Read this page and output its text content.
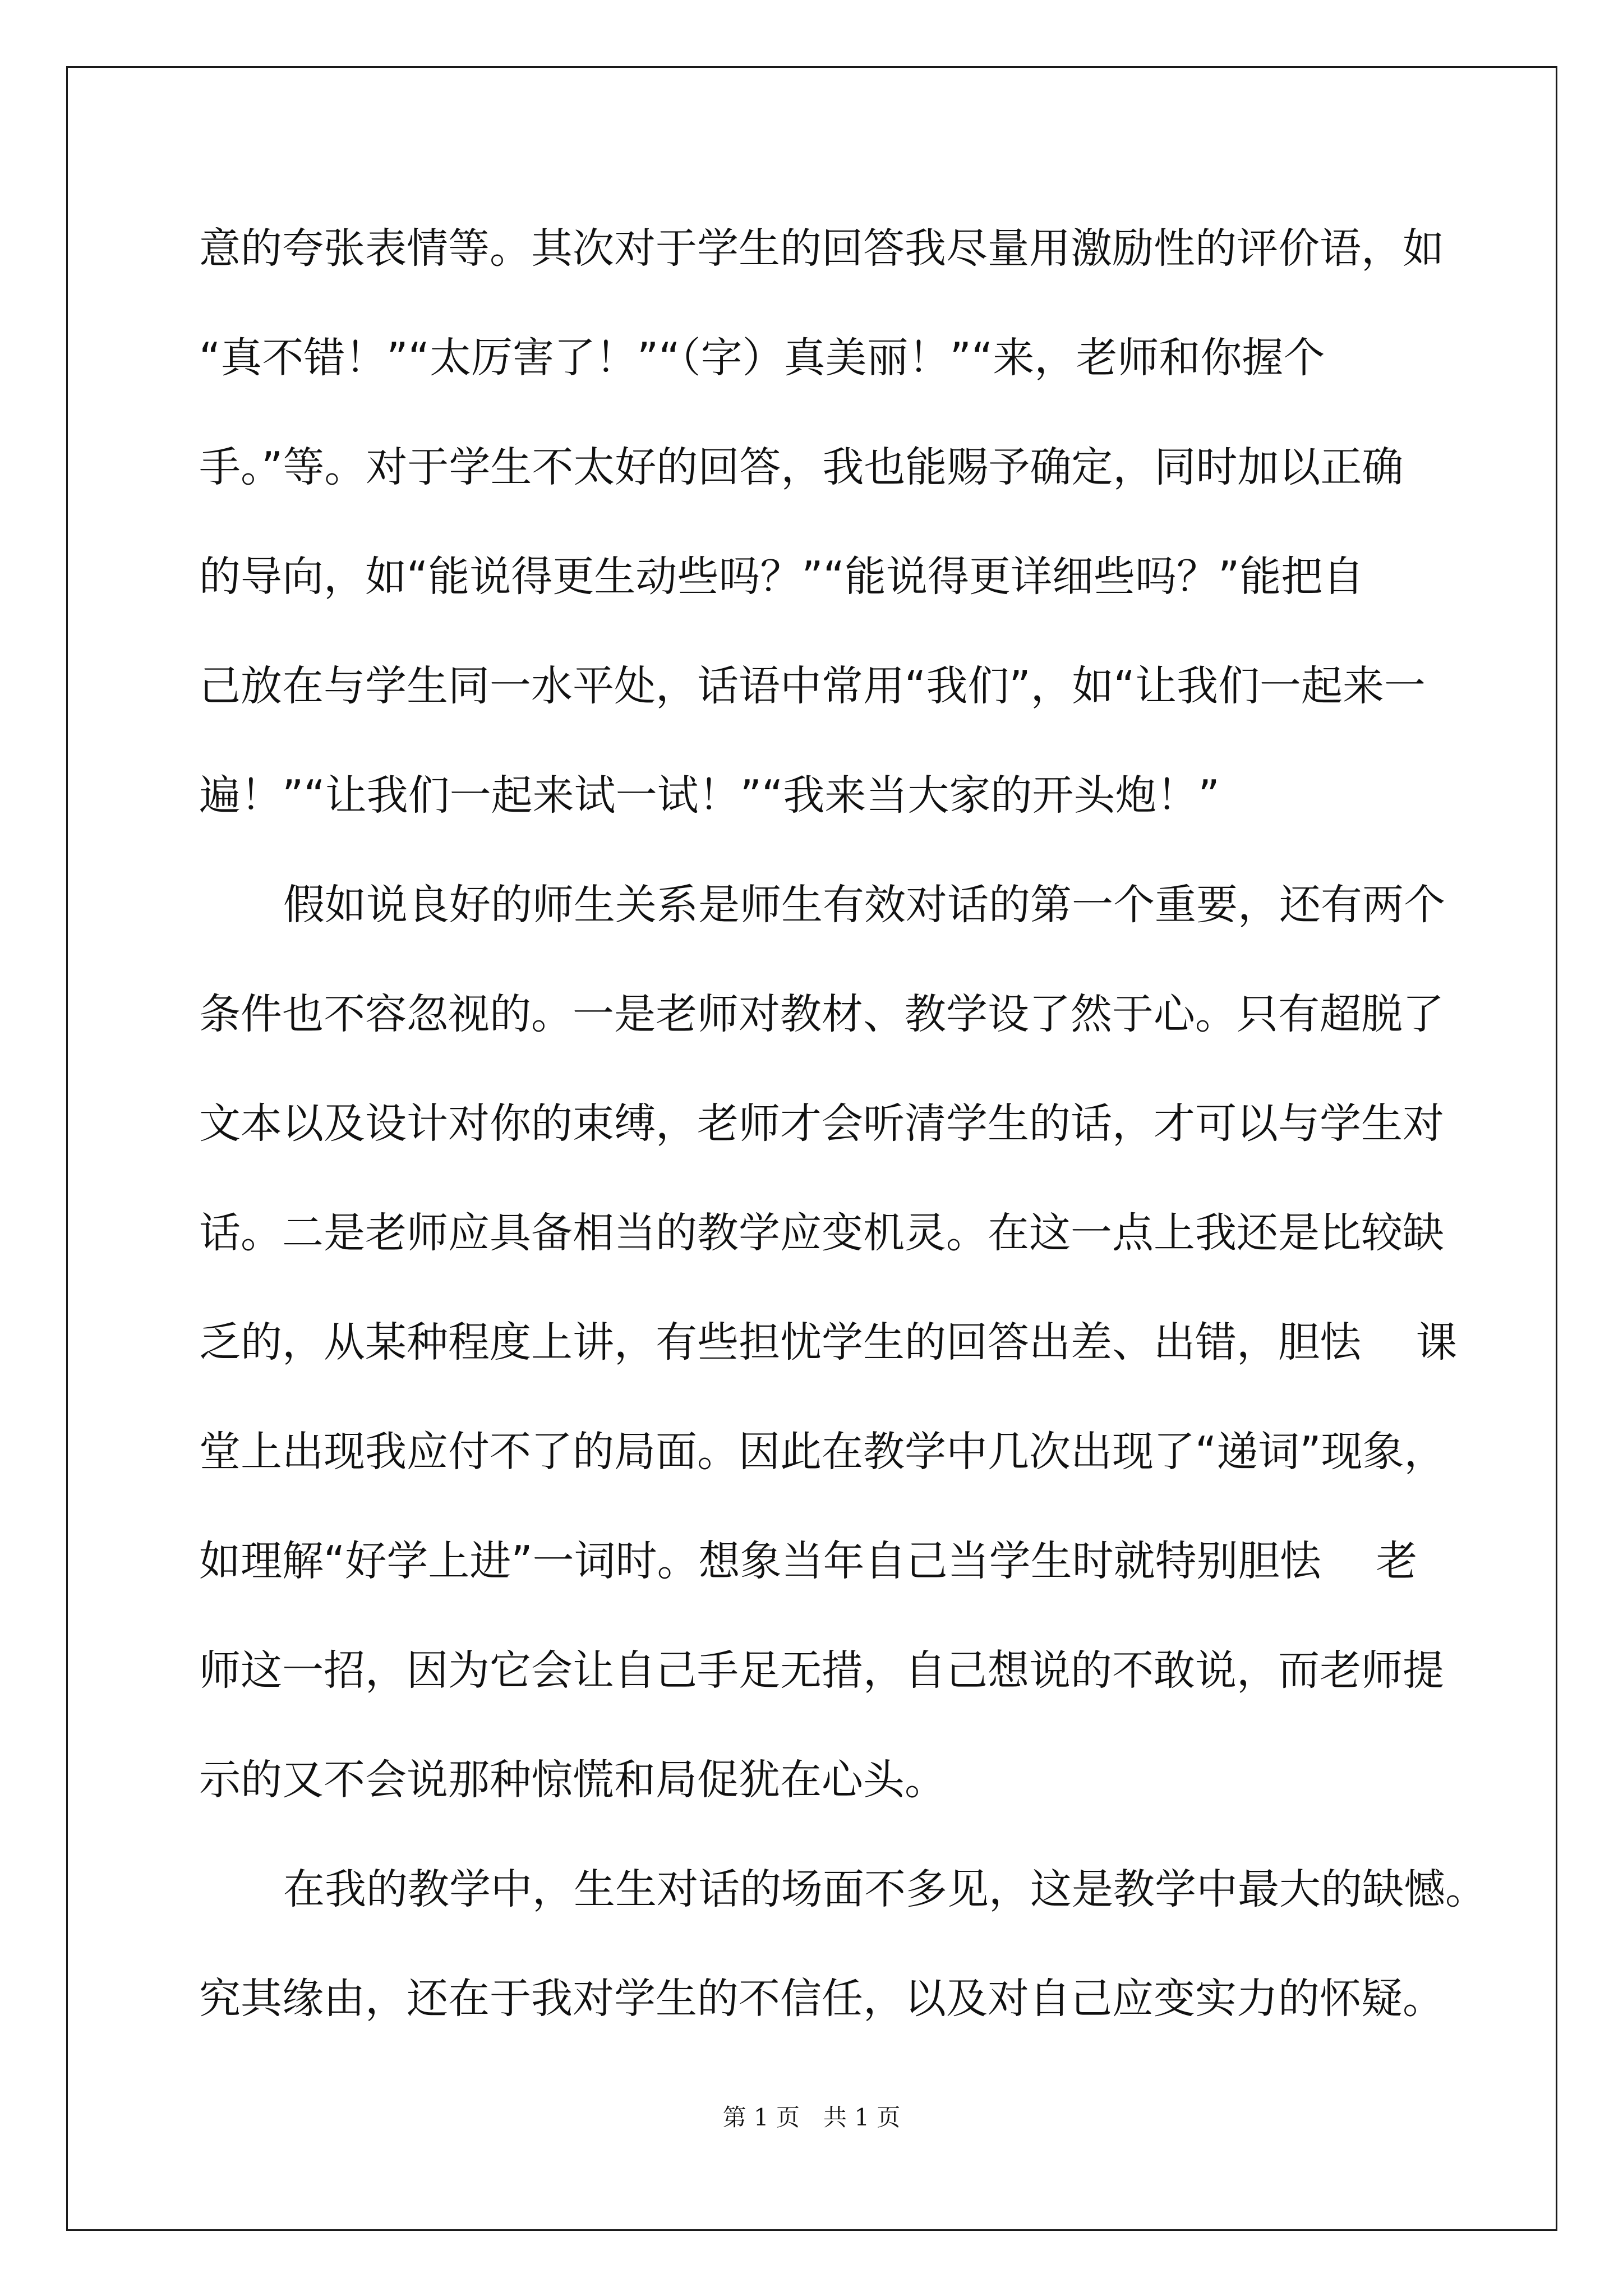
意的夸张表情等。其次对于学生的回答我尽量用激励性的评价语，如
“真不错！”“太厉害了！”“（字）真美丽！”“来，老师和你握个
手。”等。对于学生不太好的回答，我也能赐予确定，同时加以正确
的导向，如“能说得更生动些吗？”“能说得更详细些吗？”能把自
己放在与学生同一水平处，话语中常用“我们”，如“让我们一起来一
遍！”“让我们一起来试一试！”“我来当大家的开头炮！”
假如说良好的师生关系是师生有效对话的第一个重要，还有两个
条件也不容忽视的。一是老师对教材、教学设了然于心。只有超脱了
文本以及设计对你的束缚，老师才会听清学生的话，才可以与学生对
话。二是老师应具备相当的教学应变机灵。在这一点上我还是比较缺
乏的，从某种程度上讲，有些担忧学生的回答出差、出错，胆怯　 课
堂上出现我应付不了的局面。因此在教学中几次出现了“递词”现象，
如理解“好学上进”一词时。想象当年自己当学生时就特别胆怯　 老
师这一招，因为它会让自己手足无措，自己想说的不敢说，而老师提
示的又不会说那种惊慌和局促犹在心头。
在我的教学中，生生对话的场面不多见，这是教学中最大的缺憾。
究其缘由，还在于我对学生的不信任，以及对自己应变实力的怀疑。
第 1 页　共 1 页
